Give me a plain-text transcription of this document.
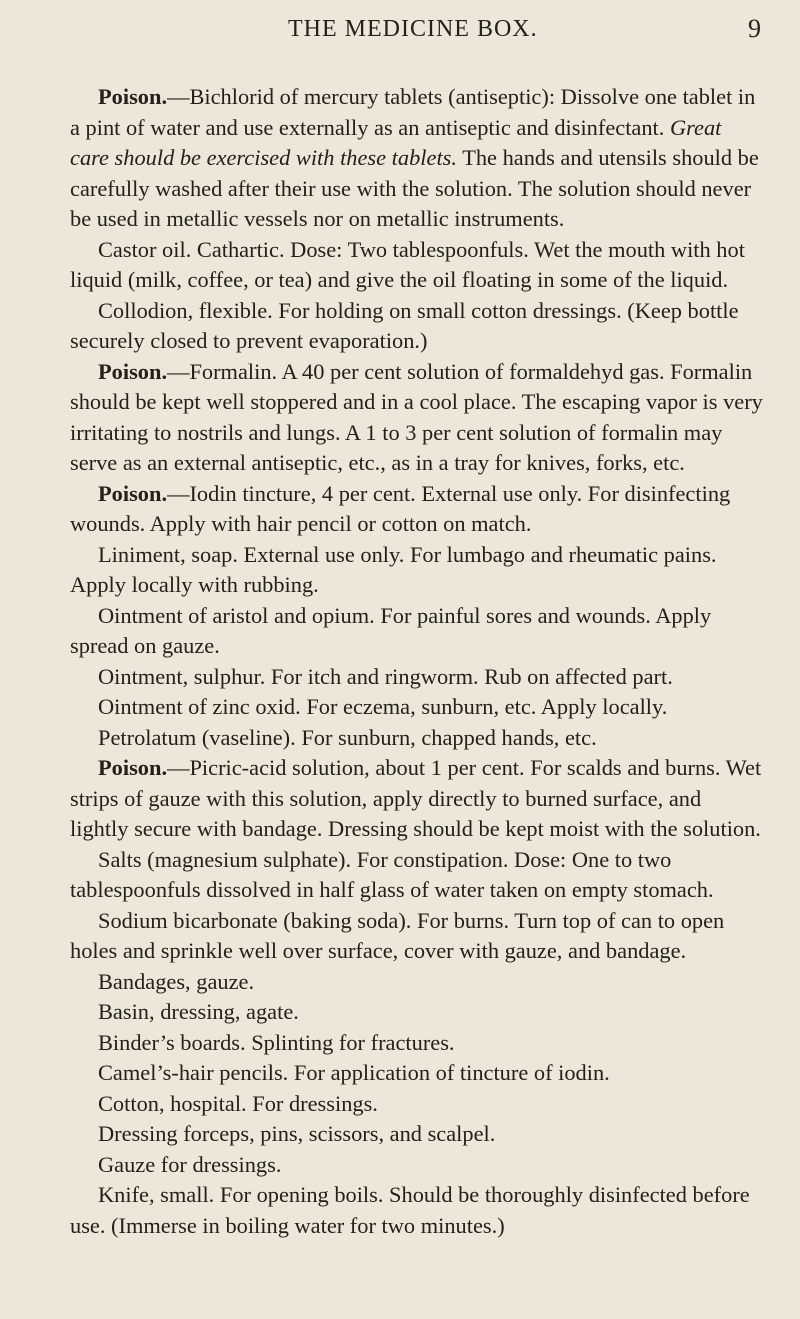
THE MEDICINE BOX.	9

Poison.—Bichlorid of mercury tablets (antiseptic): Dissolve one tablet in a pint of water and use externally as an antiseptic and disinfectant. Great care should be exercised with these tablets. The hands and utensils should be carefully washed after their use with the solution. The solution should never be used in metallic vessels nor on metallic instruments.

Castor oil. Cathartic. Dose: Two tablespoonfuls. Wet the mouth with hot liquid (milk, coffee, or tea) and give the oil floating in some of the liquid.

Collodion, flexible. For holding on small cotton dressings. (Keep bottle securely closed to prevent evaporation.)

Poison.—Formalin. A 40 per cent solution of formaldehyd gas. Formalin should be kept well stoppered and in a cool place. The escaping vapor is very irritating to nostrils and lungs. A 1 to 3 per cent solution of formalin may serve as an external antiseptic, etc., as in a tray for knives, forks, etc.

Poison.—Iodin tincture, 4 per cent. External use only. For disinfecting wounds. Apply with hair pencil or cotton on match.

Liniment, soap. External use only. For lumbago and rheumatic pains. Apply locally with rubbing.

Ointment of aristol and opium. For painful sores and wounds. Apply spread on gauze.

Ointment, sulphur. For itch and ringworm. Rub on affected part.

Ointment of zinc oxid. For eczema, sunburn, etc. Apply locally.

Petrolatum (vaseline). For sunburn, chapped hands, etc.

Poison.—Picric-acid solution, about 1 per cent. For scalds and burns. Wet strips of gauze with this solution, apply directly to burned surface, and lightly secure with bandage. Dressing should be kept moist with the solution.

Salts (magnesium sulphate). For constipation. Dose: One to two tablespoonfuls dissolved in half glass of water taken on empty stomach.

Sodium bicarbonate (baking soda). For burns. Turn top of can to open holes and sprinkle well over surface, cover with gauze, and bandage.

Bandages, gauze.

Basin, dressing, agate.

Binder’s boards. Splinting for fractures.

Camel’s-hair pencils. For application of tincture of iodin.

Cotton, hospital. For dressings.

Dressing forceps, pins, scissors, and scalpel.

Gauze for dressings.

Knife, small. For opening boils. Should be thoroughly disinfected before use. (Immerse in boiling water for two minutes.)
